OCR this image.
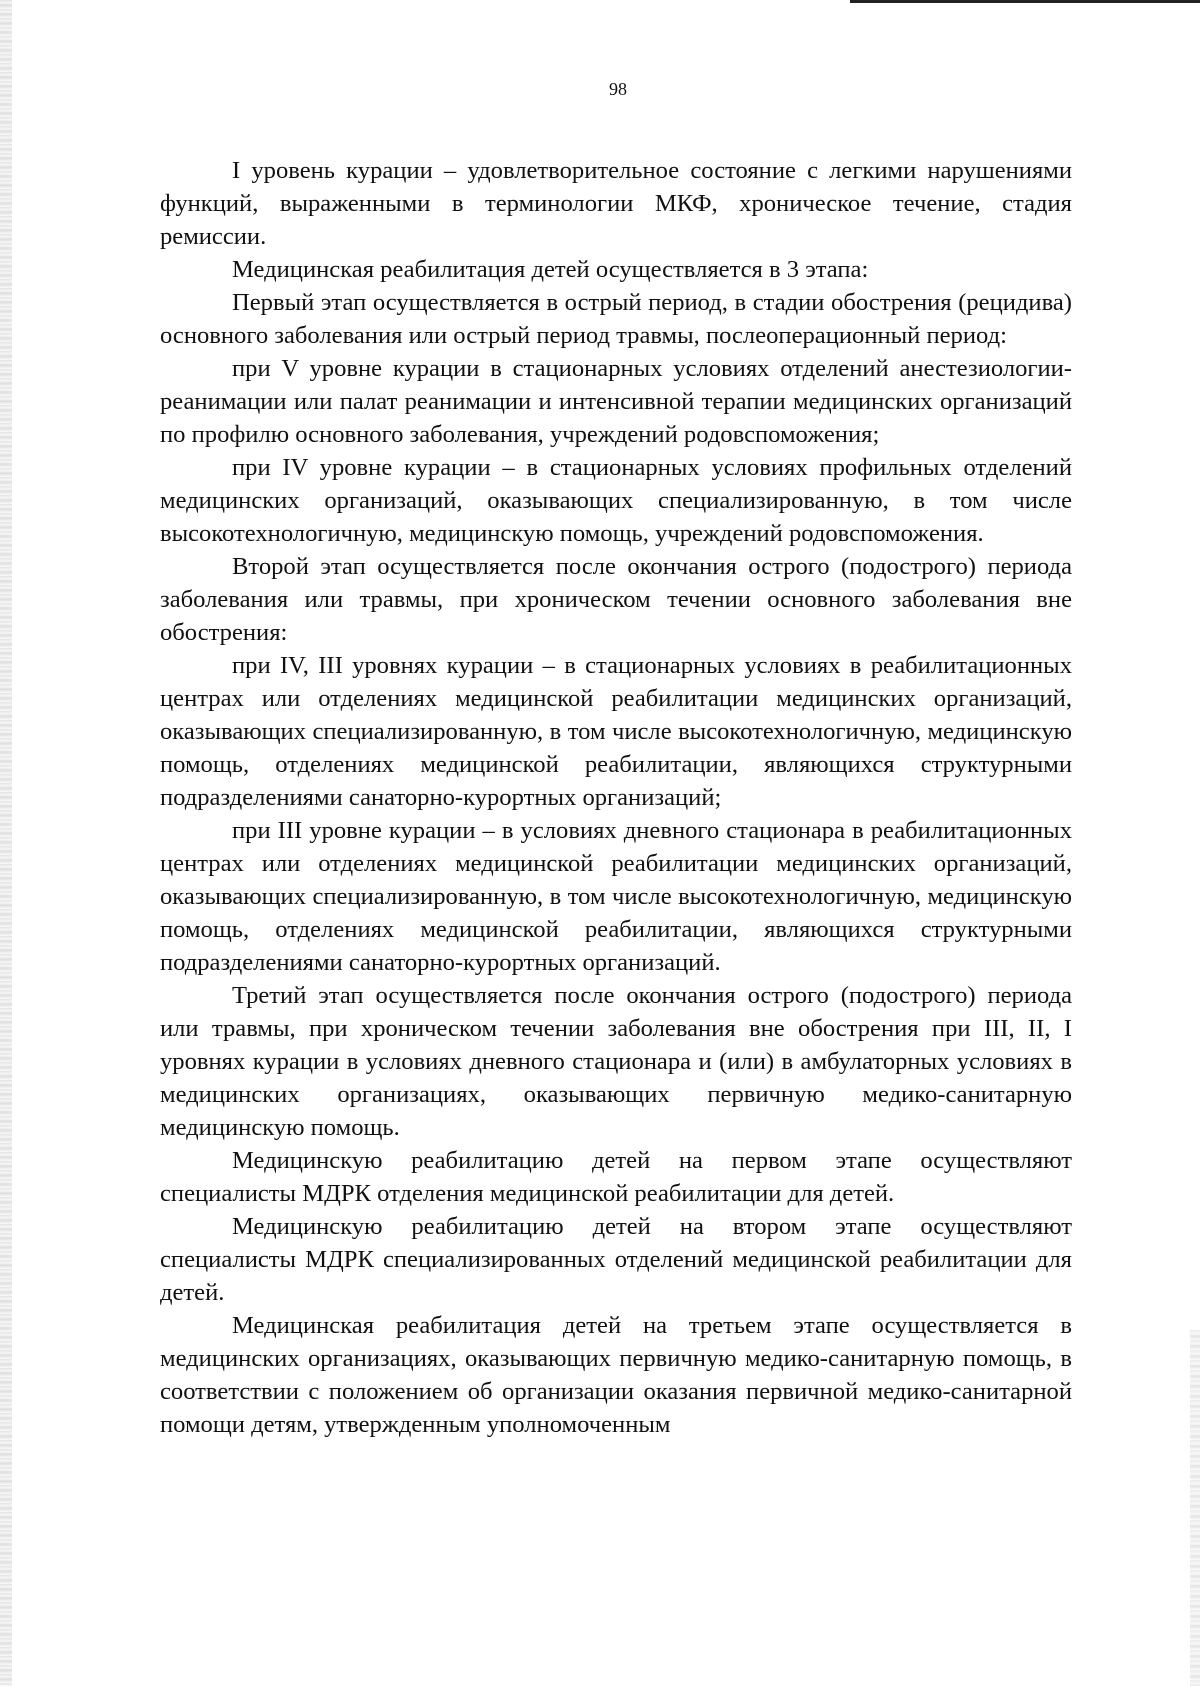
98

I уровень курации – удовлетворительное состояние с легкими нарушениями функций, выраженными в терминологии МКФ, хроническое течение, стадия ремиссии.

Медицинская реабилитация детей осуществляется в 3 этапа:

Первый этап осуществляется в острый период, в стадии обострения (рецидива) основного заболевания или острый период травмы, послеоперационный период:

при V уровне курации в стационарных условиях отделений анестезиологии-реанимации или палат реанимации и интенсивной терапии медицинских организаций по профилю основного заболевания, учреждений родовспоможения;

при IV уровне курации – в стационарных условиях профильных отделений медицинских организаций, оказывающих специализированную, в том числе высокотехнологичную, медицинскую помощь, учреждений родовспоможения.

Второй этап осуществляется после окончания острого (подострого) периода заболевания или травмы, при хроническом течении основного заболевания вне обострения:

при IV, III уровнях курации – в стационарных условиях в реабилитационных центрах или отделениях медицинской реабилитации медицинских организаций, оказывающих специализированную, в том числе высокотехнологичную, медицинскую помощь, отделениях медицинской реабилитации, являющихся структурными подразделениями санаторно-курортных организаций;

при III уровне курации – в условиях дневного стационара в реабилитационных центрах или отделениях медицинской реабилитации медицинских организаций, оказывающих специализированную, в том числе высокотехнологичную, медицинскую помощь, отделениях медицинской реабилитации, являющихся структурными подразделениями санаторно-курортных организаций.

Третий этап осуществляется после окончания острого (подострого) периода или травмы, при хроническом течении заболевания вне обострения при III, II, I уровнях курации в условиях дневного стационара и (или) в амбулаторных условиях в медицинских организациях, оказывающих первичную медико-санитарную медицинскую помощь.

Медицинскую реабилитацию детей на первом этапе осуществляют специалисты МДРК отделения медицинской реабилитации для детей.

Медицинскую реабилитацию детей на втором этапе осуществляют специалисты МДРК специализированных отделений медицинской реабилитации для детей.

Медицинская реабилитация детей на третьем этапе осуществляется в медицинских организациях, оказывающих первичную медико-санитарную помощь, в соответствии с положением об организации оказания первичной медико-санитарной помощи детям, утвержденным уполномоченным
